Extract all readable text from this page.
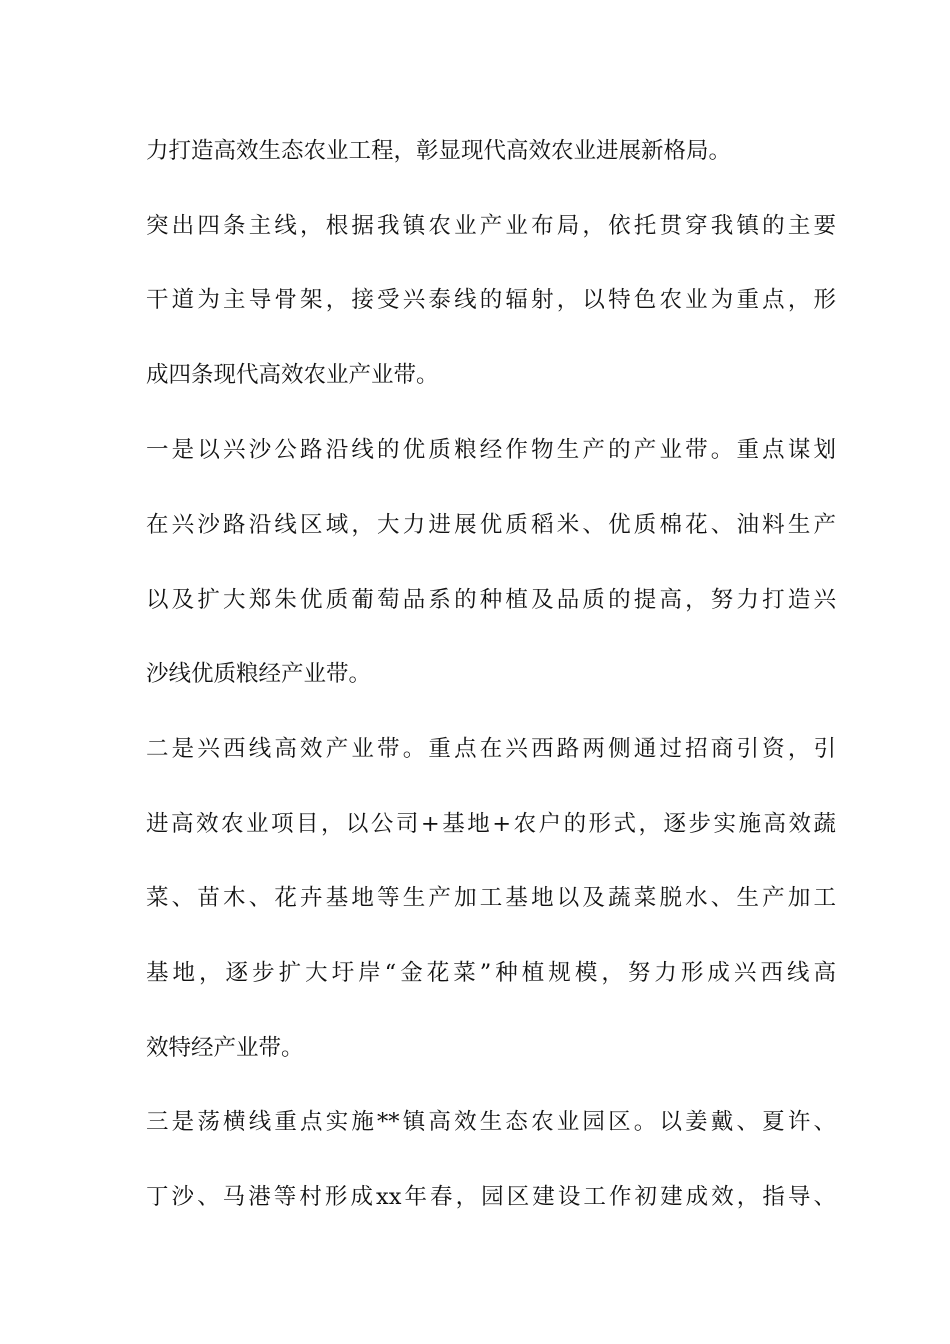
力打造高效生态农业工程，彰显现代高效农业进展新格局。
突出四条主线，根据我镇农业产业布局，依托贯穿我镇的主要
干道为主导骨架，接受兴泰线的辐射，以特色农业为重点，形
成四条现代高效农业产业带。
一是以兴沙公路沿线的优质粮经作物生产的产业带。重点谋划
在兴沙路沿线区域，大力进展优质稻米、优质棉花、油料生产
以及扩大郑朱优质葡萄品系的种植及品质的提高，努力打造兴
沙线优质粮经产业带。
二是兴西线高效产业带。重点在兴西路两侧通过招商引资，引
进高效农业项目，以公司+基地+农户的形式，逐步实施高效蔬
菜、苗木、花卉基地等生产加工基地以及蔬菜脱水、生产加工
基地，逐步扩大圩岸“金花菜”种植规模，努力形成兴西线高
效特经产业带。
三是荡横线重点实施**镇高效生态农业园区。以姜戴、夏许、
丁沙、马港等村形成xx年春，园区建设工作初建成效，指导、
